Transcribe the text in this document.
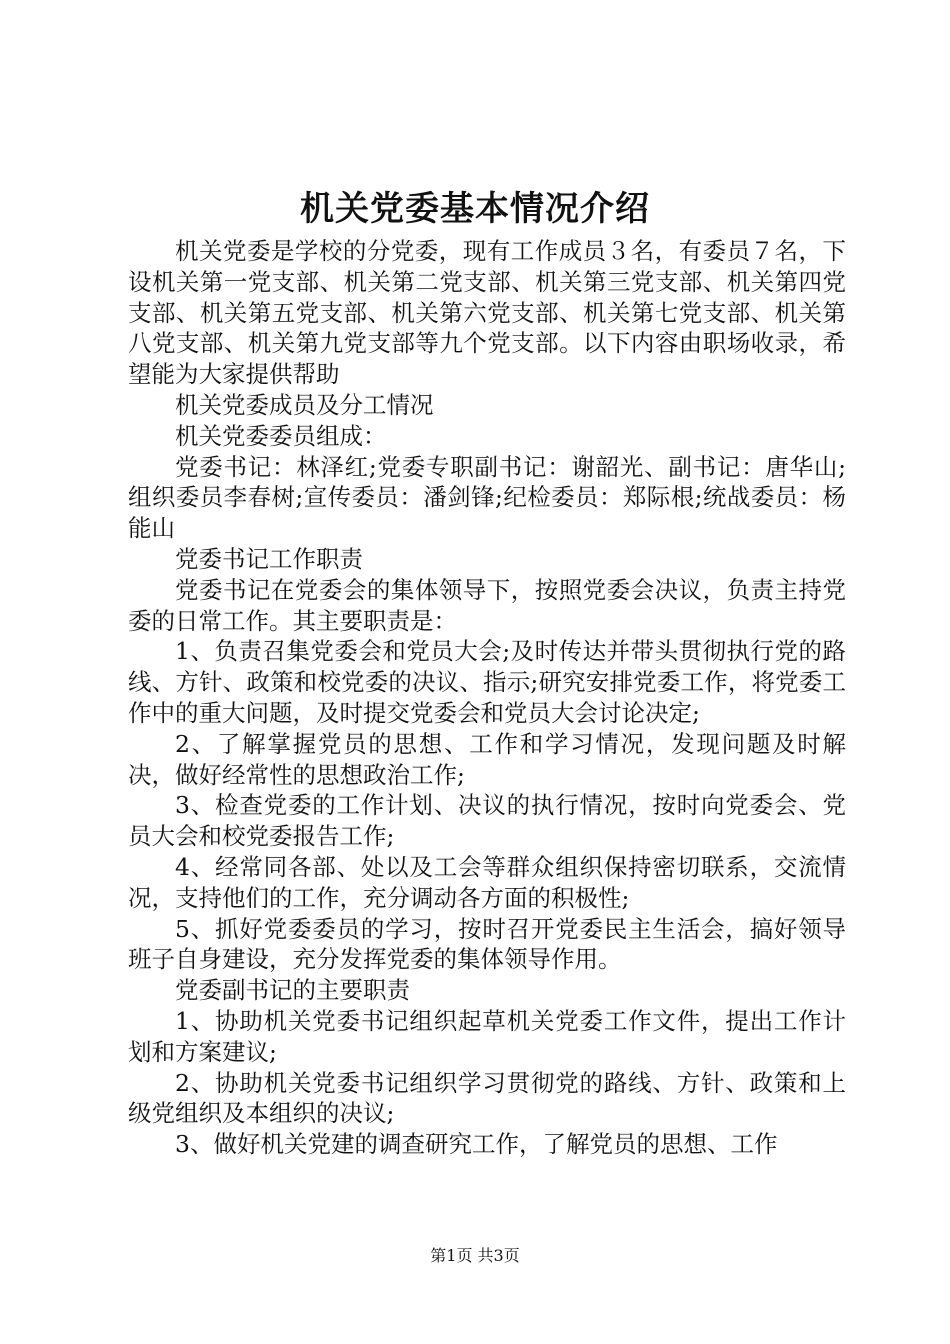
机关党委基本情况介绍

机关党委是学校的分党委，现有工作成员３名，有委员７名，下设机关第一党支部、机关第二党支部、机关第三党支部、机关第四党支部、机关第五党支部、机关第六党支部、机关第七党支部、机关第八党支部、机关第九党支部等九个党支部。以下内容由职场收录，希望能为大家提供帮助

机关党委成员及分工情况

机关党委委员组成：

党委书记：林泽红;党委专职副书记：谢韶光、副书记：唐华山;组织委员李春树;宣传委员：潘剑锋;纪检委员：郑际根;统战委员：杨能山

党委书记工作职责

党委书记在党委会的集体领导下，按照党委会决议，负责主持党委的日常工作。其主要职责是：

1、负责召集党委会和党员大会;及时传达并带头贯彻执行党的路线、方针、政策和校党委的决议、指示;研究安排党委工作，将党委工作中的重大问题，及时提交党委会和党员大会讨论决定;

2、了解掌握党员的思想、工作和学习情况，发现问题及时解决，做好经常性的思想政治工作;

3、检查党委的工作计划、决议的执行情况，按时向党委会、党员大会和校党委报告工作;

4、经常同各部、处以及工会等群众组织保持密切联系，交流情况，支持他们的工作，充分调动各方面的积极性;

5、抓好党委委员的学习，按时召开党委民主生活会，搞好领导班子自身建设，充分发挥党委的集体领导作用。

党委副书记的主要职责

1、协助机关党委书记组织起草机关党委工作文件，提出工作计划和方案建议;

2、协助机关党委书记组织学习贯彻党的路线、方针、政策和上级党组织及本组织的决议;

3、做好机关党建的调查研究工作，了解党员的思想、工作

第1页 共3页
